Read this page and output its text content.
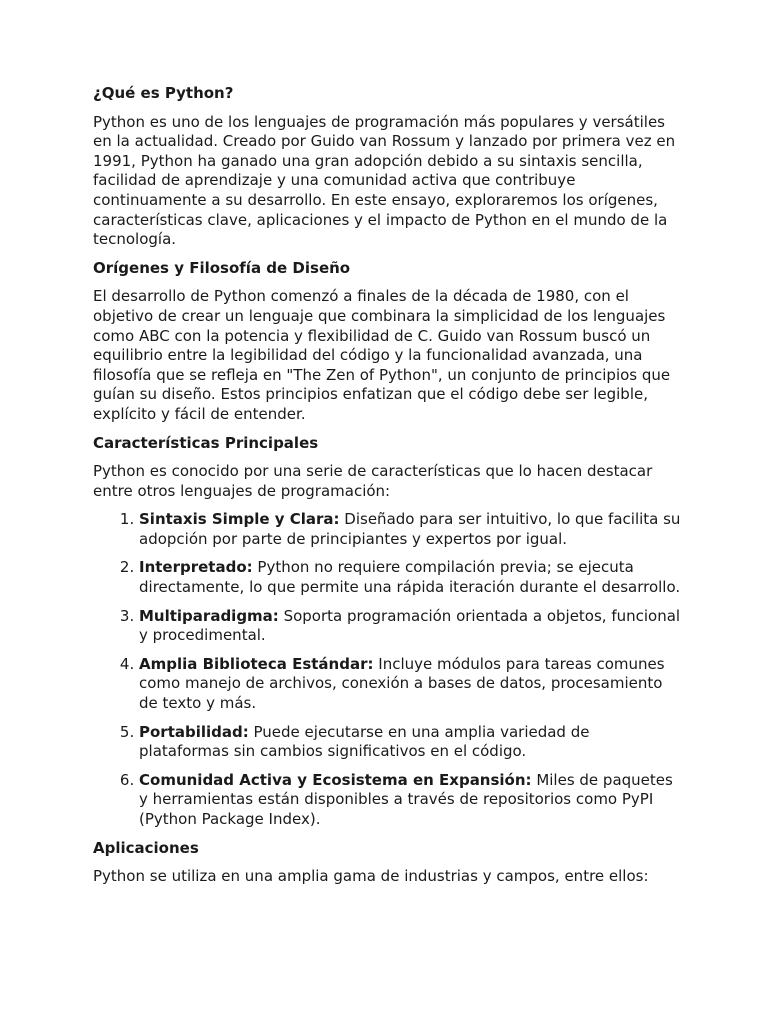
¿Qué es Python?

Python es uno de los lenguajes de programación más populares y versátiles en la actualidad. Creado por Guido van Rossum y lanzado por primera vez en 1991, Python ha ganado una gran adopción debido a su sintaxis sencilla, facilidad de aprendizaje y una comunidad activa que contribuye continuamente a su desarrollo. En este ensayo, exploraremos los orígenes, características clave, aplicaciones y el impacto de Python en el mundo de la tecnología.

Orígenes y Filosofía de Diseño

El desarrollo de Python comenzó a finales de la década de 1980, con el objetivo de crear un lenguaje que combinara la simplicidad de los lenguajes como ABC con la potencia y flexibilidad de C. Guido van Rossum buscó un equilibrio entre la legibilidad del código y la funcionalidad avanzada, una filosofía que se refleja en "The Zen of Python", un conjunto de principios que guían su diseño. Estos principios enfatizan que el código debe ser legible, explícito y fácil de entender.

Características Principales

Python es conocido por una serie de características que lo hacen destacar entre otros lenguajes de programación:

1. Sintaxis Simple y Clara: Diseñado para ser intuitivo, lo que facilita su adopción por parte de principiantes y expertos por igual.
2. Interpretado: Python no requiere compilación previa; se ejecuta directamente, lo que permite una rápida iteración durante el desarrollo.
3. Multiparadigma: Soporta programación orientada a objetos, funcional y procedimental.
4. Amplia Biblioteca Estándar: Incluye módulos para tareas comunes como manejo de archivos, conexión a bases de datos, procesamiento de texto y más.
5. Portabilidad: Puede ejecutarse en una amplia variedad de plataformas sin cambios significativos en el código.
6. Comunidad Activa y Ecosistema en Expansión: Miles de paquetes y herramientas están disponibles a través de repositorios como PyPI (Python Package Index).
Aplicaciones

Python se utiliza en una amplia gama de industrias y campos, entre ellos:
